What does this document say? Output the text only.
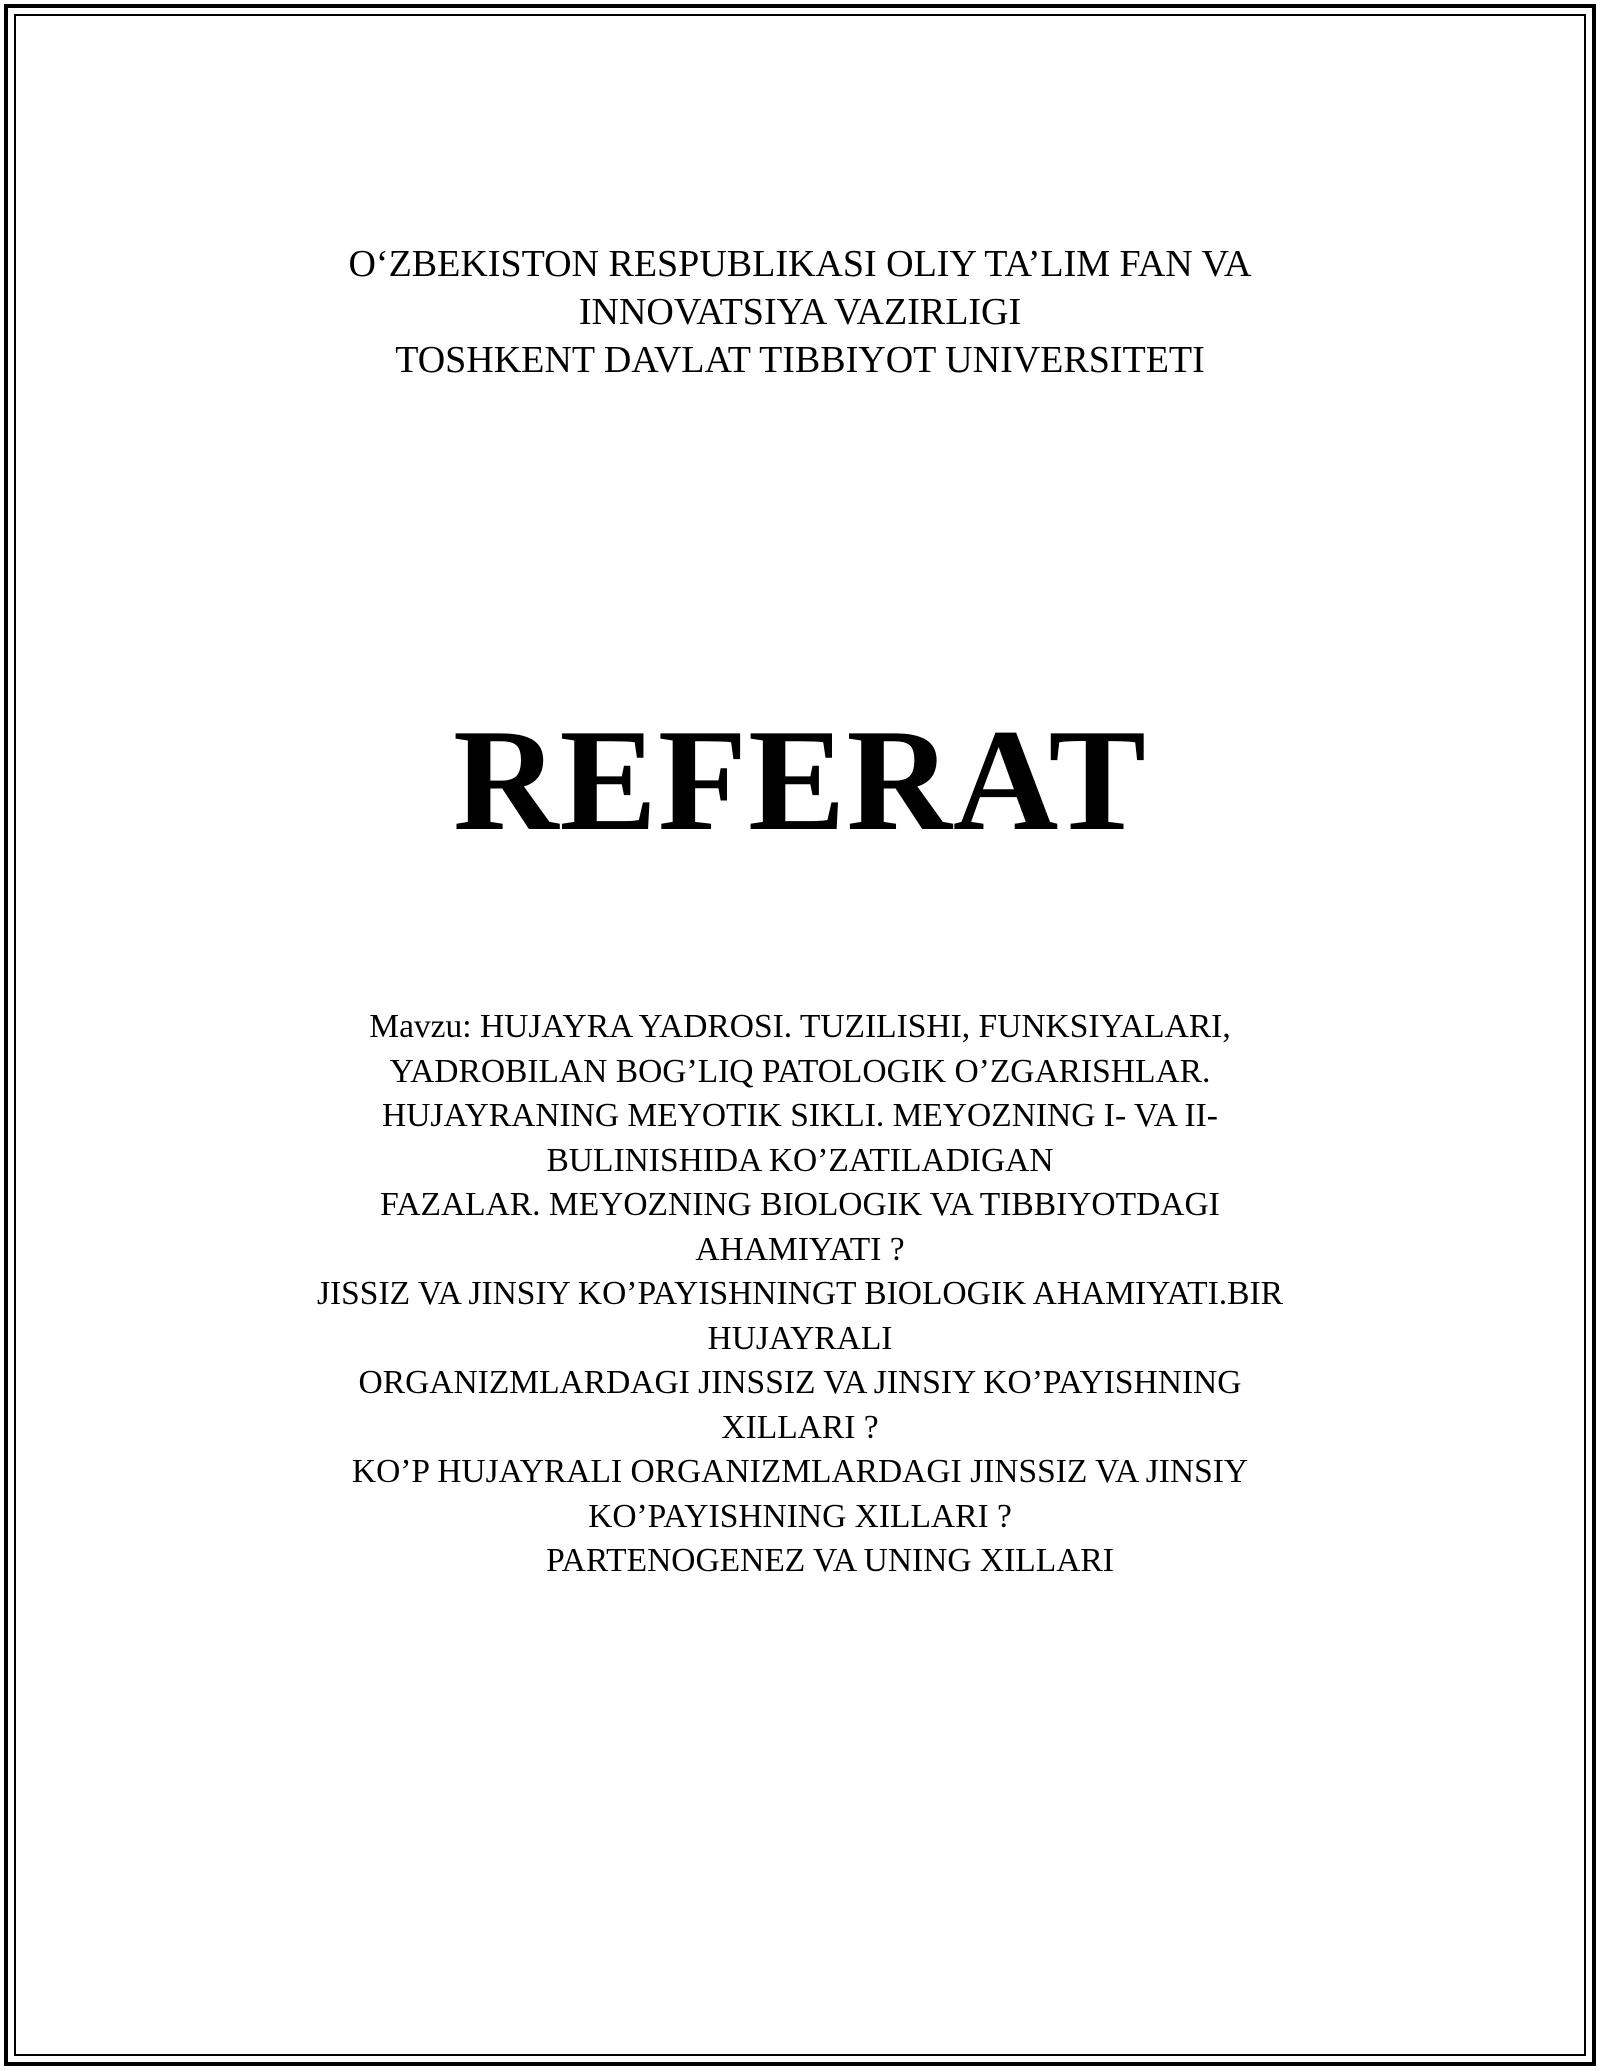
O‘ZBEKISTON RESPUBLIKASI OLIY TA’LIM FAN VA
INNOVATSIYA VAZIRLIGI
TOSHKENT DAVLAT TIBBIYOT UNIVERSITETI
REFERAT
Mavzu: HUJAYRA YADROSI. TUZILISHI, FUNKSIYALARI,
YADROBILAN BOG’LIQ PATOLOGIK O’ZGARISHLAR.
HUJAYRANING MEYOTIK SIKLI. MEYOZNING I- VA II-
BULINISHIDA KO’ZATILADIGAN
FAZALAR. MEYOZNING BIOLOGIK VA TIBBIYOTDAGI
AHAMIYATI ?
JISSIZ VA JINSIY KO’PAYISHNINGT BIOLOGIK AHAMIYATI.BIR
HUJAYRALI
ORGANIZMLARDAGI JINSSIZ VA JINSIY KO’PAYISHNING
XILLARI ?
KO’P HUJAYRALI ORGANIZMLARDAGI JINSSIZ VA JINSIY
KO’PAYISHNING XILLARI ?
PARTENOGENEZ VA UNING XILLARI
